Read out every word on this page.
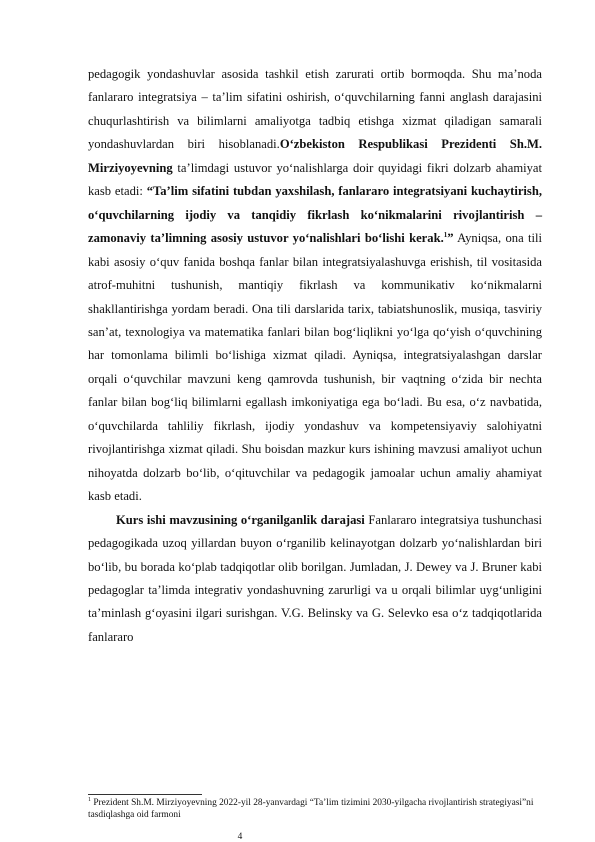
pedagogik yondashuvlar asosida tashkil etish zarurati ortib bormoqda. Shu ma’noda fanlararo integratsiya – ta’lim sifatini oshirish, o‘quvchilarning fanni anglash darajasini chuqurlashtirish va bilimlarni amaliyotga tadbiq etishga xizmat qiladigan samarali yondashuvlardan biri hisoblanadi.O‘zbekiston Respublikasi Prezidenti Sh.M. Mirziyoyevning ta’limdagi ustuvor yo‘nalishlarga doir quyidagi fikri dolzarb ahamiyat kasb etadi: “Ta’lim sifatini tubdan yaxshilash, fanlararo integratsiyani kuchaytirish, o‘quvchilarning ijodiy va tanqidiy fikrlash ko‘nikmalarini rivojlantirish – zamonaviy ta’limning asosiy ustuvor yo‘nalishlari bo‘lishi kerak.$^1$” Ayniqsa, ona tili kabi asosiy o‘quv fanida boshqa fanlar bilan integratsiyalashuvga erishish, til vositasida atrof-muhitni tushunish, mantiqiy fikrlash va kommunikativ ko‘nikmalarni shakllantirishga yordam beradi. Ona tili darslarida tarix, tabiatshunoslik, musiqa, tasviriy san’at, texnologiya va matematika fanlari bilan bog‘liqlikni yo‘lga qo‘yish o‘quvchining har tomonlama bilimli bo‘lishiga xizmat qiladi. Ayniqsa, integratsiyalashgan darslar orqali o‘quvchilar mavzuni keng qamrovda tushunish, bir vaqtning o‘zida bir nechta fanlar bilan bog‘liq bilimlarni egallash imkoniyatiga ega bo‘ladi. Bu esa, o‘z navbatida, o‘quvchilarda tahliliy fikrlash, ijodiy yondashuv va kompetensiyaviy salohiyatni rivojlantirishga xizmat qiladi. Shu boisdan mazkur kurs ishining mavzusi amaliyot uchun nihoyatda dolzarb bo‘lib, o‘qituvchilar va pedagogik jamoalar uchun amaliy ahamiyat kasb etadi.

Kurs ishi mavzusining o‘rganilganlik darajasi Fanlararo integratsiya tushunchasi pedagogikada uzoq yillardan buyon o‘rganilib kelinayotgan dolzarb yo‘nalishlardan biri bo‘lib, bu borada ko‘plab tadqiqotlar olib borilgan. Jumladan, J. Dewey va J. Bruner kabi pedagoglar ta’limda integrativ yondashuvning zarurligi va u orqali bilimlar uyg‘unligini ta’minlash g‘oyasini ilgari surishgan. V.G. Belinsky va G. Selevko esa o‘z tadqiqotlarida fanlararo

$^1$ Prezident Sh.M. Mirziyoyevning 2022-yil 28-yanvardagi “Ta’lim tizimini 2030-yilgacha rivojlantirish strategiyasi”ni tasdiqlashga oid farmoni
4
